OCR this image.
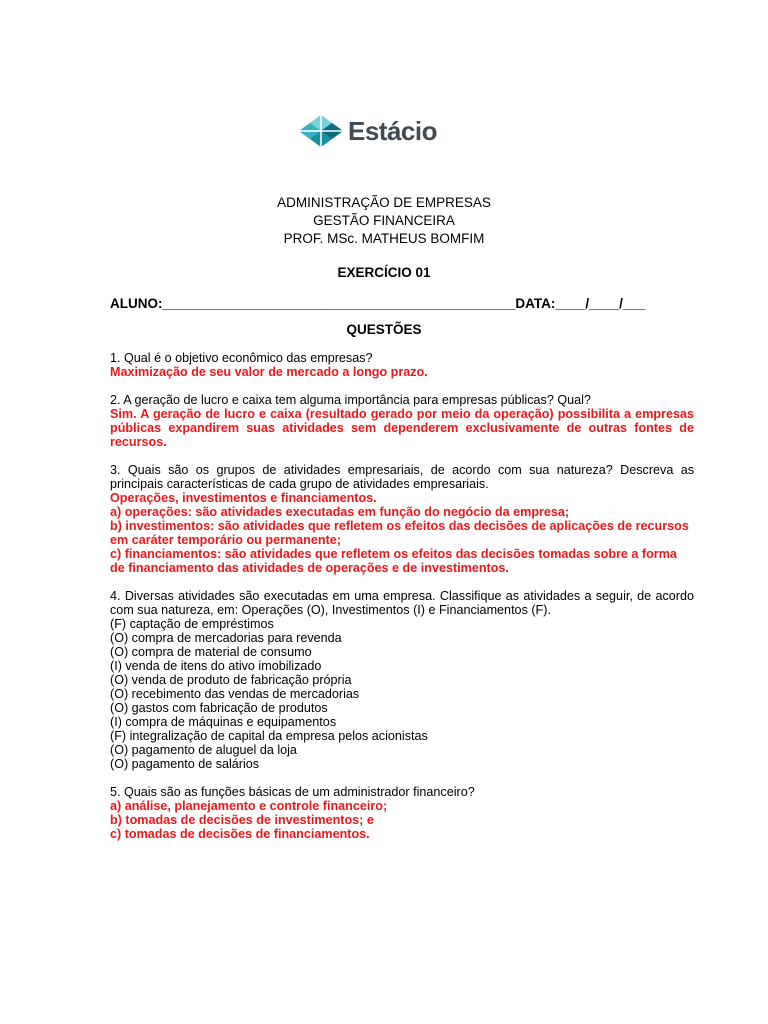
Estácio
ADMINISTRAÇÃO DE EMPRESAS
GESTÃO FINANCEIRA
PROF. MSc. MATHEUS BOMFIM
EXERCÍCIO 01
ALUNO:_______________________________________________DATA:____/____/___
QUESTÕES

1. Qual é o objetivo econômico das empresas?

Maximização de seu valor de mercado a longo prazo.

2. A geração de lucro e caixa tem alguma importância para empresas públicas? Qual?

Sim. A geração de lucro e caixa (resultado gerado por meio da operação) possibilita a empresas públicas expandirem suas atividades sem dependerem exclusivamente de outras fontes de recursos.

3. Quais são os grupos de atividades empresariais, de acordo com sua natureza? Descreva as principais características de cada grupo de atividades empresariais.

Operações, investimentos e financiamentos.

a) operações: são atividades executadas em função do negócio da empresa;

b) investimentos: são atividades que refletem os efeitos das decisões de aplicações de recursos em caráter temporário ou permanente;

c) financiamentos: são atividades que refletem os efeitos das decisões tomadas sobre a forma de financiamento das atividades de operações e de investimentos.

4. Diversas atividades são executadas em uma empresa. Classifique as atividades a seguir, de acordo com sua natureza, em: Operações (O), Investimentos (I) e Financiamentos (F).

(F) captação de empréstimos

(O) compra de mercadorias para revenda

(O) compra de material de consumo

(I) venda de itens do ativo imobilizado

(O) venda de produto de fabricação própria

(O) recebimento das vendas de mercadorias

(O) gastos com fabricação de produtos

(I) compra de máquinas e equipamentos

(F) integralização de capital da empresa pelos acionistas

(O) pagamento de aluguel da loja

(O) pagamento de salários

5. Quais são as funções básicas de um administrador financeiro?

a) análise, planejamento e controle financeiro;

b) tomadas de decisões de investimentos; e

c) tomadas de decisões de financiamentos.
